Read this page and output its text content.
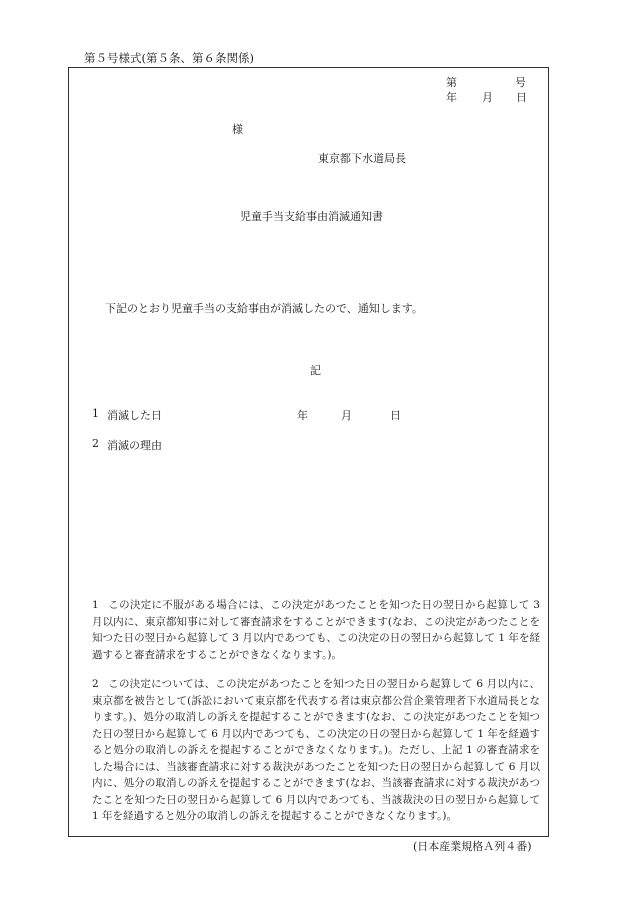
第５号様式(第５条、第６条関係)
第	号
年 月 日
様
東京都下水道局長
児童手当支給事由消滅通知書
下記のとおり児童手当の支給事由が消滅したので、通知します。
記
1 消滅した日	年	月	日
2 消滅の理由
1 この決定に不服がある場合には、この決定があつたことを知つた日の翌日から起算して 3 月以内に、東京都知事に対して審査請求をすることができます(なお、この決定があつたことを知つた日の翌日から起算して 3 月以内であつても、この決定の日の翌日から起算して 1 年を経過すると審査請求をすることができなくなります。)。
2 この決定については、この決定があつたことを知つた日の翌日から起算して 6 月以内に、東京都を被告として(訴訟において東京都を代表する者は東京都公営企業管理者下水道局長となります。)、処分の取消しの訴えを提起することができます(なお、この決定があつたことを知つた日の翌日から起算して 6 月以内であつても、この決定の日の翌日から起算して 1 年を経過すると処分の取消しの訴えを提起することができなくなります。)。ただし、上記 1 の審査請求をした場合には、当該審査請求に対する裁決があつたことを知つた日の翌日から起算して 6 月以内に、処分の取消しの訴えを提起することができます(なお、当該審査請求に対する裁決があつたことを知つた日の翌日から起算して 6 月以内であつても、当該裁決の日の翌日から起算して 1 年を経過すると処分の取消しの訴えを提起することができなくなります。)。
(日本産業規格Ａ列４番)
